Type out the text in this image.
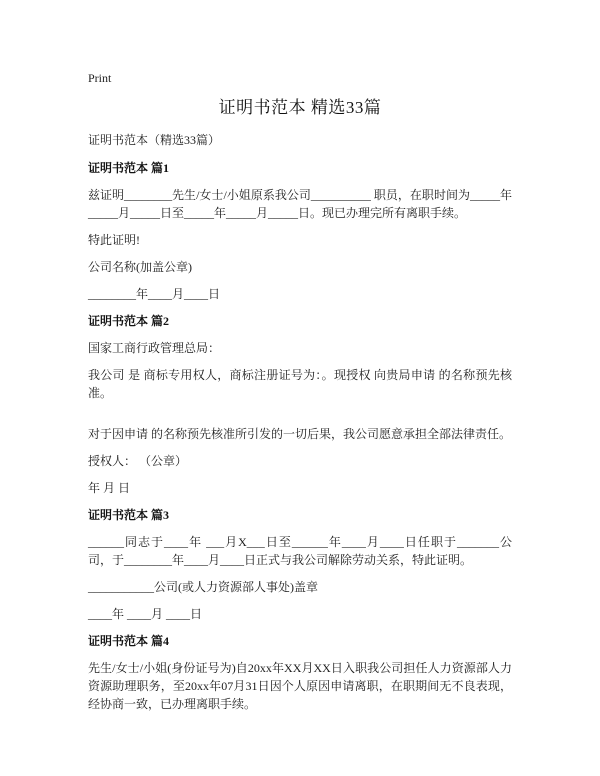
Print
证明书范本 精选33篇
证明书范本（精选33篇）
证明书范本 篇1
兹证明________先生/女士/小姐原系我公司__________ 职员，在职时间为_____年_____月_____日至_____年_____月_____日。现已办理完所有离职手续。
特此证明!
公司名称(加盖公章)
________年____月____日
证明书范本 篇2
国家工商行政管理总局：
我公司 是 商标专用权人，商标注册证号为：。现授权 向贵局申请 的名称预先核准。
对于因申请 的名称预先核准所引发的一切后果，我公司愿意承担全部法律责任。
授权人： （公章）
年 月 日
证明书范本 篇3
______同志于____年 ___月X___日至______年____月____日任职于_______公司，于________年____月____日正式与我公司解除劳动关系，特此证明。
___________公司(或人力资源部人事处)盖章
____年 ____月 ____日
证明书范本 篇4
先生/女士/小姐(身份证号为)自20xx年XX月XX日入职我公司担任人力资源部人力资源助理职务，至20xx年07月31日因个人原因申请离职，在职期间无不良表现，经协商一致，已办理离职手续。
